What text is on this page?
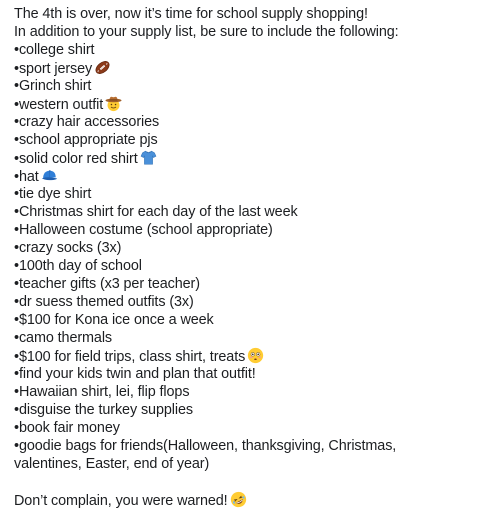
The 4th is over, now it’s time for school supply shopping!
In addition to your supply list, be sure to include the following:
•college shirt
•sport jersey
•Grinch shirt
•western outfit
•crazy hair accessories
•school appropriate pjs
•solid color red shirt
•hat
•tie dye shirt
•Christmas shirt for each day of the last week
•Halloween costume (school appropriate)
•crazy socks (3x)
•100th day of school
•teacher gifts (x3 per teacher)
•dr suess themed outfits (3x)
•$100 for Kona ice once a week
•camo thermals
•$100 for field trips, class shirt, treats
•find your kids twin and plan that outfit!
•Hawaiian shirt, lei, flip flops
•disguise the turkey supplies
•book fair money
•goodie bags for friends(Halloween, thanksgiving, Christmas,
valentines, Easter, end of year)
Don’t complain, you were warned!
